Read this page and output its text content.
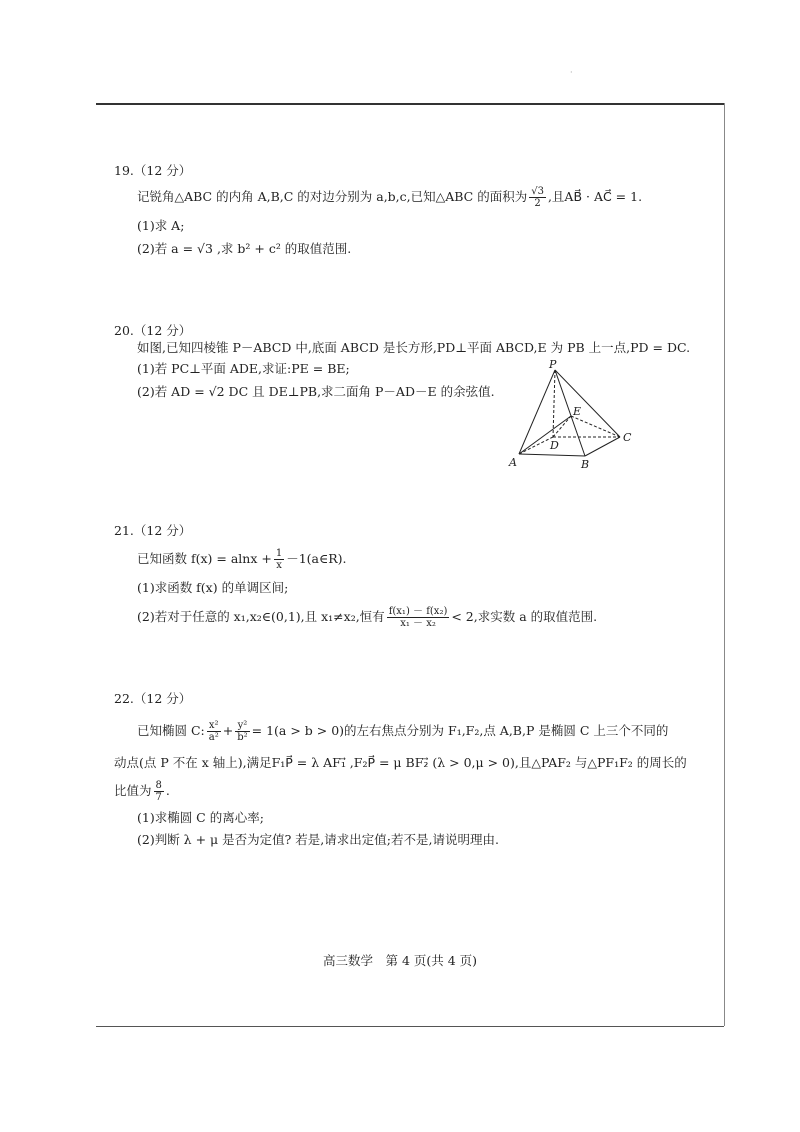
·
19.（12 分）
记锐角△ABC 的内角 A,B,C 的对边分别为 a,b,c,已知△ABC 的面积为 $\frac{√3}{2}$ ,且AB⃗ · AC⃗ = 1.
(1)求 A;
(2)若 a = √3 ,求 b² + c² 的取值范围.
20.（12 分）
如图,已知四棱锥 P－ABCD 中,底面 ABCD 是长方形,PD⊥平面 ABCD,E 为 PB 上一点,PD = DC.
(1)若 PC⊥平面 ADE,求证:PE = BE;
(2)若 AD = √2 DC 且 DE⊥PB,求二面角 P－AD－E 的余弦值.
P
E
D
C
A	B
21.（12 分）
已知函数 $f(x) = alnx + \frac{1}{x}$ －1(a∈R).
(1)求函数 f(x) 的单调区间;
(2)若对于任意的 x₁,x₂∈(0,1),且 x₁≠x₂,恒有 $\frac{\text{f(x₁) － f(x₂)}}{\text{x₁ － x₂}} < 2$,求实数 a 的取值范围.
22.（12 分）
已知椭圆 C: $\frac{\text{x²}}{\text{a²}} + \frac{\text{y²}}{\text{b²}} = 1(a > b > 0)$的左右焦点分别为 F₁,F₂,点 A,B,P 是椭圆 C 上三个不同的
动点(点 P 不在 x 轴上),满足F₁P⃗ = λ AF₁⃗ ,F₂P⃗ = μ BF₂⃗ (λ > 0,μ > 0),且△PAF₂ 与△PF₁F₂ 的周长的
比值为 $\frac{8}{7}$ .
(1)求椭圆 C 的离心率;
(2)判断 λ + μ 是否为定值? 若是,请求出定值;若不是,请说明理由.
高三数学　第 4 页(共 4 页)
